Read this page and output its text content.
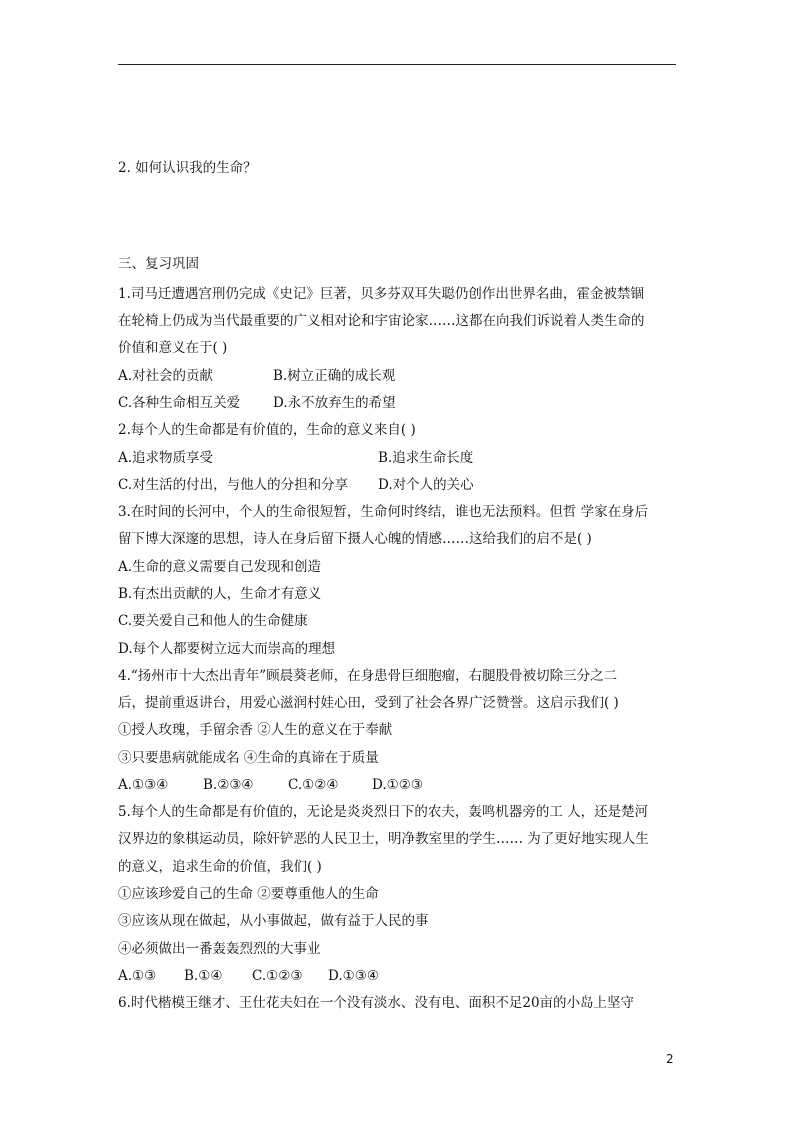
2. 如何认识我的生命？
三、复习巩固
1.司马迁遭遇宫刑仍完成《史记》巨著，贝多芬双耳失聪仍创作出世界名曲，霍金被禁锢
在轮椅上仍成为当代最重要的广义相对论和宇宙论家……这都在向我们诉说着人类生命的
价值和意义在于( )
A.对社会的贡献	B.树立正确的成长观
C.各种生命相互关爱 D.永不放弃生的希望
2.每个人的生命都是有价值的，生命的意义来自( )
A.追求物质享受	B.追求生命长度
C.对生活的付出，与他人的分担和分享 D.对个人的关心
3.在时间的长河中，个人的生命很短暂，生命何时终结，谁也无法预料。但哲 学家在身后
留下博大深邃的思想，诗人在身后留下摄人心魄的情感……这给我们的启不是( )
A.生命的意义需要自己发现和创造
B.有杰出贡献的人，生命才有意义
C.要关爱自己和他人的生命健康
D.每个人都要树立远大而崇高的理想
4.“扬州市十大杰出青年”顾晨葵老师，在身患骨巨细胞瘤，右腿股骨被切除三分之二
后，提前重返讲台，用爱心滋润村娃心田，受到了社会各界广泛赞誉。这启示我们( )
①授人玫瑰，手留余香 ②人生的意义在于奉献
③只要患病就能成名 ④生命的真谛在于质量
A.①③④	B.②③④	C.①②④ D.①②③
5.每个人的生命都是有价值的，无论是炎炎烈日下的农夫，轰鸣机器旁的工 人，还是楚河
汉界边的象棋运动员，除奸铲恶的人民卫士，明净教室里的学生…… 为了更好地实现人生
的意义，追求生命的价值，我们( )
①应该珍爱自己的生命 ②要尊重他人的生命
③应该从现在做起，从小事做起，做有益于人民的事
④必须做出一番轰轰烈烈的大事业
A.①③ B.①④ C.①②③ D.①③④
6.时代楷模王继才、王仕花夫妇在一个没有淡水、没有电、面积不足20亩的小岛上坚守
2
